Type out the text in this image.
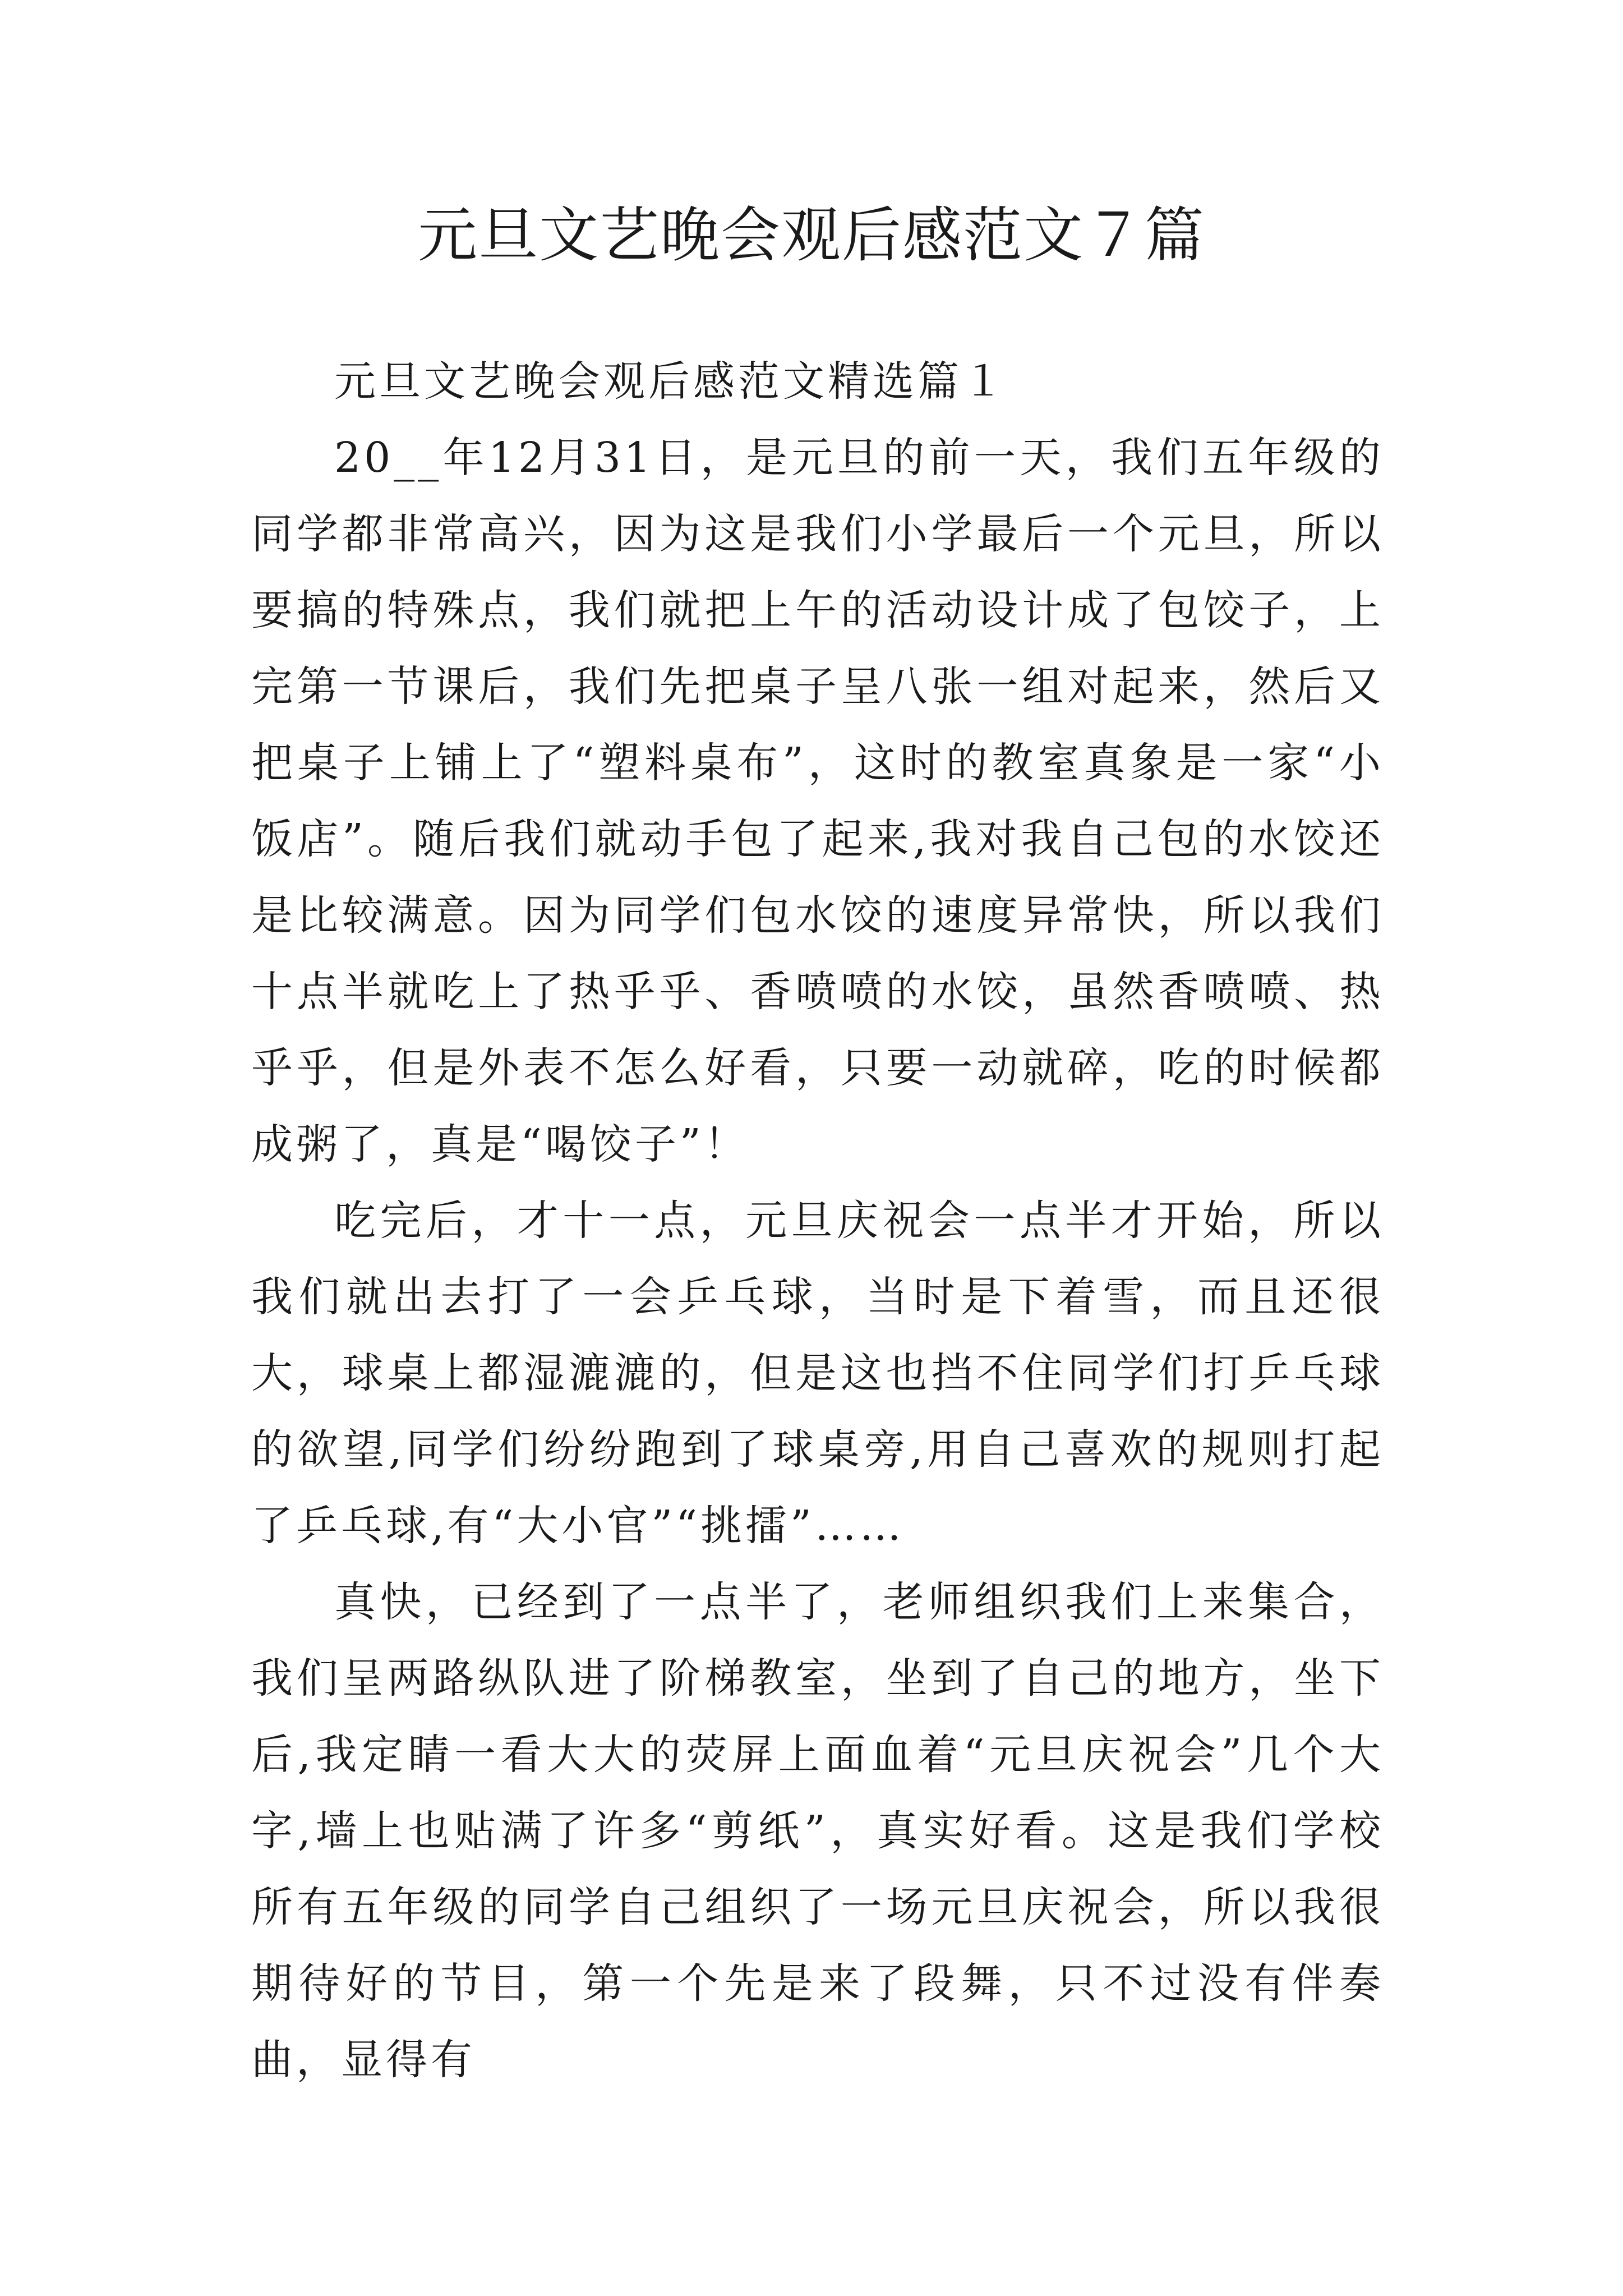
元旦文艺晚会观后感范文７篇

元旦文艺晚会观后感范文精选篇１

20__年12月31日，是元旦的前一天，我们五年级的同学都非常高兴，因为这是我们小学最后一个元旦，所以要搞的特殊点，我们就把上午的活动设计成了包饺子，上完第一节课后，我们先把桌子呈八张一组对起来，然后又把桌子上铺上了“塑料桌布”，这时的教室真象是一家“小饭店”。随后我们就动手包了起来,我对我自己包的水饺还是比较满意。因为同学们包水饺的速度异常快，所以我们十点半就吃上了热乎乎、香喷喷的水饺，虽然香喷喷、热乎乎，但是外表不怎么好看，只要一动就碎，吃的时候都成粥了，真是“喝饺子”！

吃完后，才十一点，元旦庆祝会一点半才开始，所以我们就出去打了一会乒乓球，当时是下着雪，而且还很大，球桌上都湿漉漉的，但是这也挡不住同学们打乒乓球的欲望,同学们纷纷跑到了球桌旁,用自己喜欢的规则打起了乒乓球,有“大小官”“挑擂”……

真快，已经到了一点半了，老师组织我们上来集合，我们呈两路纵队进了阶梯教室，坐到了自己的地方，坐下后,我定睛一看大大的荧屏上面血着“元旦庆祝会”几个大字,墙上也贴满了许多“剪纸”，真实好看。这是我们学校所有五年级的同学自己组织了一场元旦庆祝会，所以我很期待好的节目，第一个先是来了段舞，只不过没有伴奏曲，显得有
